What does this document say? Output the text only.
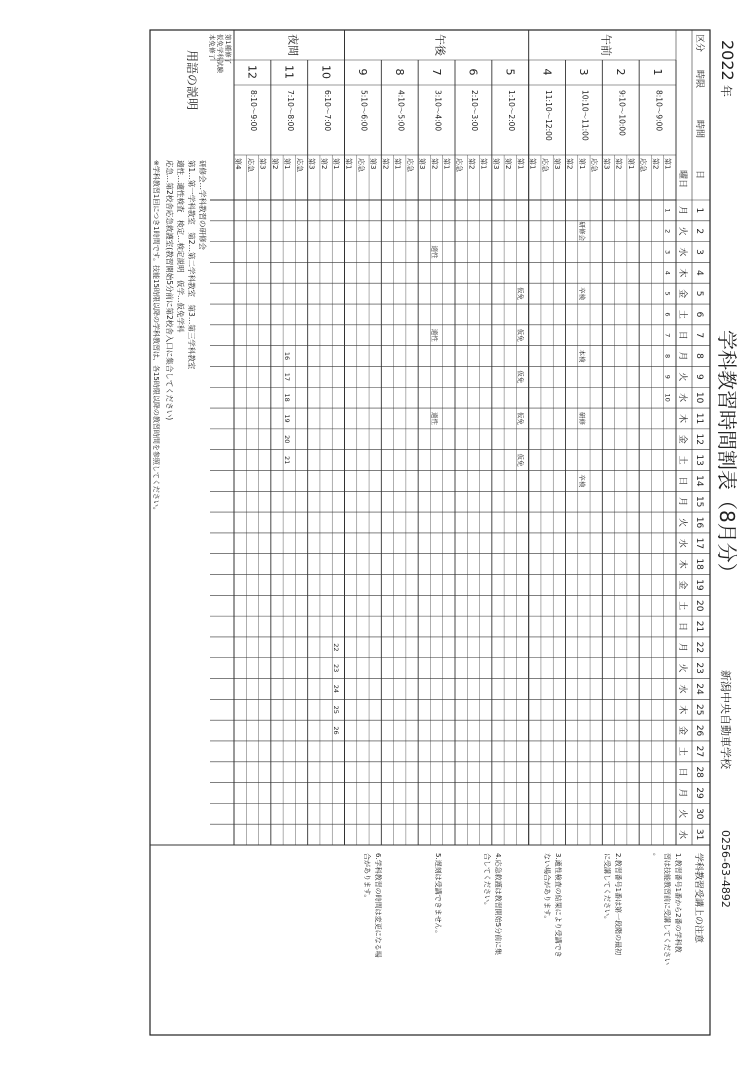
2022
年
学科教習時間割表（8月分）
新潟中央自動車学校
0256-63-4892
区分
時限
時間
日
曜日
1
月
2
火
3
水
4
木
5
金
6
土
7
日
8
月
9
火
10
水
11
木
12
金
13
土
14
日
15
月
16
火
17
水
18
木
19
金
20
土
21
日
22
月
23
火
24
水
25
木
26
金
27
土
28
日
29
月
30
火
31
水
午前
午後
夜間
1
8:10〜9:00
第1
第2
応急
2
9:10〜10:00
第1
第2
第3
3
10:10〜11:00
応急
第1
第2
4
11:10〜12:00
第3
応急
第1
5
1:10〜2:00
第1
第2
第3
6
2:10〜3:00
第1
第2
応急
7
3:10〜4:00
第1
第2
第3
8
4:10〜5:00
応急
第1
第2
9
5:10〜6:00
第3
応急
第1
10
6:10〜7:00
第1
第2
第3
11
7:10〜8:00
応急
第1
第2
12
8:10〜9:00
第3
応急
第4
第1種修了
仮免学科試験
本免修了
1
2
3
4
5
6
7
8
9
10
研修会
卒検
本検
研修
卒検
仮免
仮免
仮免
仮免
仮免
適性
適性
適性
22
23
24
25
26
16
17
18
19
20
21
用語の説明
研修会…学科教習の研修会
第1…第一学科教室　第2…第二学科教室　第3…第三学科教室
適性…適性検査　検定…検定説明　仮学…仮免学科
応急…第2校舎応急救護室(教習開始5分前に第2校舎入口に集合してください)
※学科教習1回につき1時間です。技能15時限以降の学科教習は、各15時限以降の教習時間を参照してください。
学科教習受講上の注意
1.教習番号1番から2番の学科教
習は技能教習前に受講してください
。
2.教習番号1番は第一段階の最初
に受講してください。
3.適性検査の結果により受講でき
ない場合があります。
4.応急救護は教習開始5分前に集
合してください。
5.遅刻は受講できません。
6.学科教習の時間は変更になる場
合があります。
